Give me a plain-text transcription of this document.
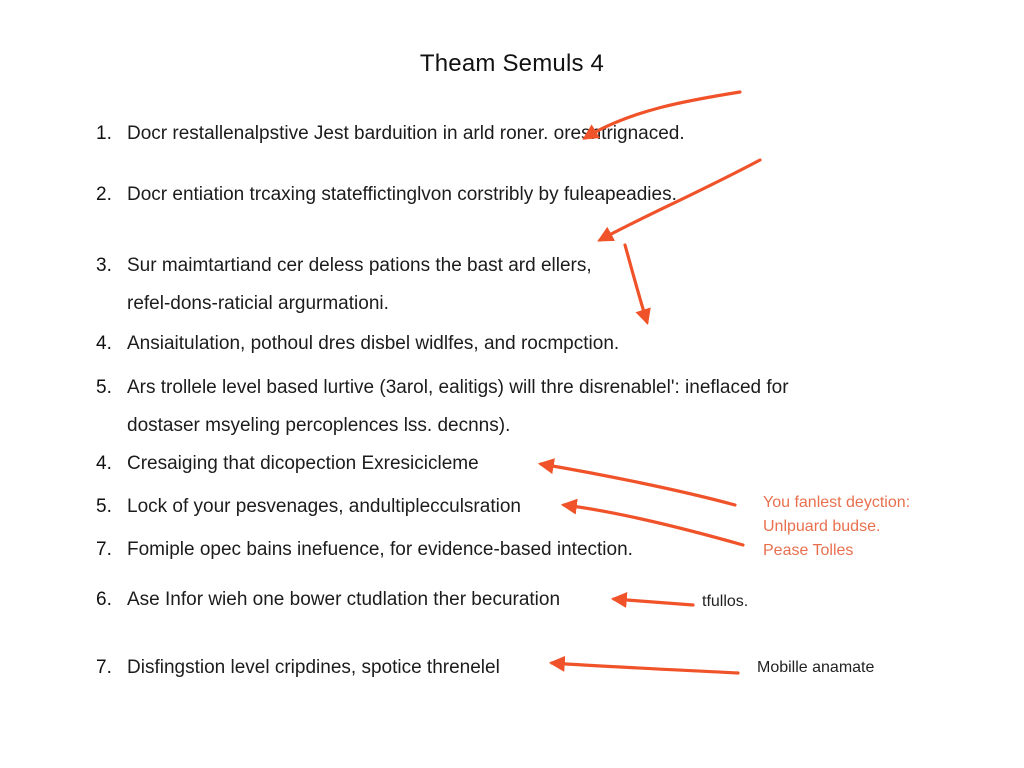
Theam Semuls 4
1. Docr restallenalpstive Jest barduition in arld roner. oresntrignaced.
2. Docr entiation trcaxing stateffictinglvon corstribly by fuleapeadies.
3. Sur maimtartiand cer deless pations the bast ard ellers,
refel-dons-raticial argurmationi.
4. Ansiaitulation, pothoul dres disbel widlfes, and rocmpction.
5. Ars trollele level based lurtive (3arol, ealitigs) will thre disrenablel': ineflaced for
dostaser msyeling percoplences lss. decnns).
4. Cresaiging that dicopection Exresicicleme
5. Lock of your pesvenages, andultiplecculsration
7. Fomiple opec bains inefuence, for evidence-based intection.
6. Ase Infor wieh one bower ctudlation ther becuration
7. Disfingstion level cripdines, spotice threnelel
You fanlest deyction:
Unlpuard budse.
Pease Tolles
tfullos.
Mobille anamate
